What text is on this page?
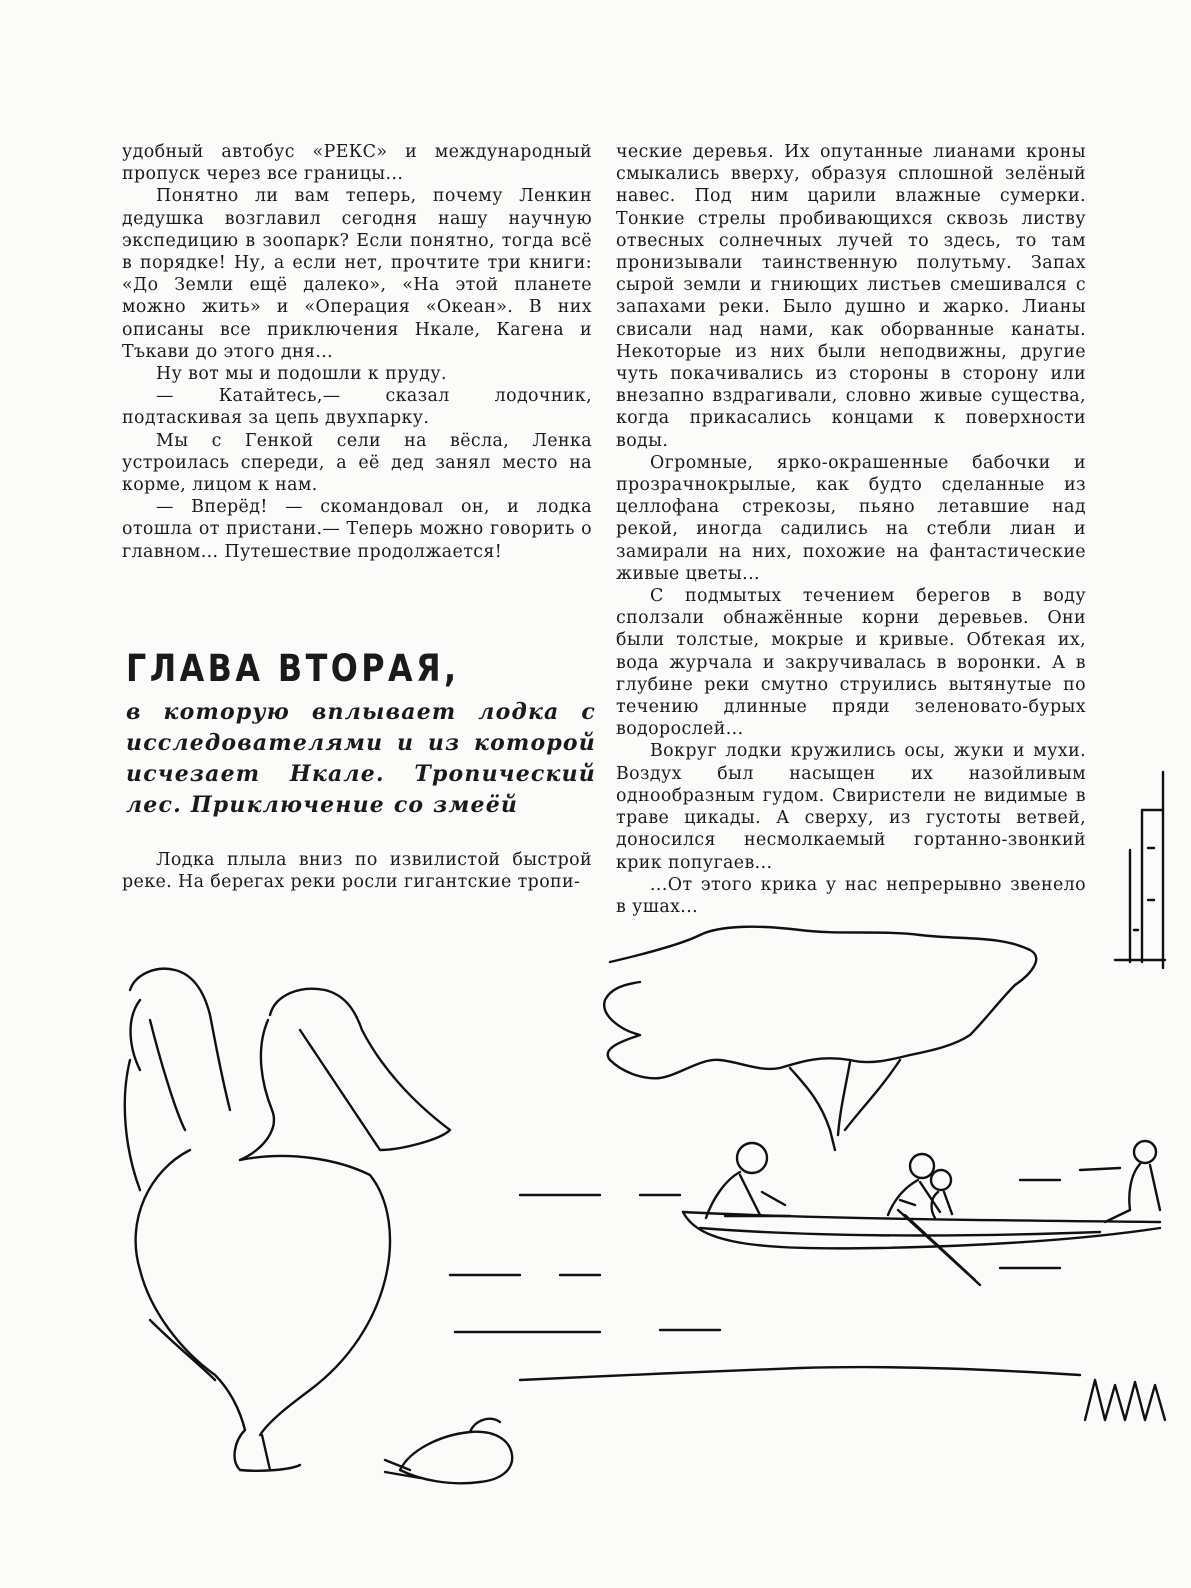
удобный автобус «РЕКС» и международный пропуск через все границы...

Понятно ли вам теперь, почему Ленкин дедушка возглавил сегодня нашу научную экспедицию в зоопарк? Если понятно, тогда всё в порядке! Ну, а если нет, прочтите три книги: «До Земли ещё далеко», «На этой планете можно жить» и «Операция «Океан». В них описаны все приключения Нкале, Кагена и Тъкави до этого дня...

Ну вот мы и подошли к пруду.

— Катайтесь,— сказал лодочник, подтаскивая за цепь двухпарку.

Мы с Генкой сели на вёсла, Ленка устроилась спереди, а её дед занял место на корме, лицом к нам.

— Вперёд! — скомандовал он, и лодка отошла от пристани.— Теперь можно говорить о главном... Путешествие продолжается!

ГЛАВА ВТОРАЯ,

в которую вплывает лодка с исследователями и из которой исчезает Нкале. Тропический лес. Приключение со змеёй

Лодка плыла вниз по извилистой быстрой реке. На берегах реки росли гигантские тропи-

ческие деревья. Их опутанные лианами кроны смыкались вверху, образуя сплошной зелёный навес. Под ним царили влажные сумерки. Тонкие стрелы пробивающихся сквозь листву отвесных солнечных лучей то здесь, то там пронизывали таинственную полутьму. Запах сырой земли и гниющих листьев смешивался с запахами реки. Было душно и жарко. Лианы свисали над нами, как оборванные канаты. Некоторые из них были неподвижны, другие чуть покачивались из стороны в сторону или внезапно вздрагивали, словно живые существа, когда прикасались концами к поверхности воды.

Огромные, ярко-окрашенные бабочки и прозрачнокрылые, как будто сделанные из целлофана стрекозы, пьяно летавшие над рекой, иногда садились на стебли лиан и замирали на них, похожие на фантастические живые цветы...

С подмытых течением берегов в воду сползали обнажённые корни деревьев. Они были толстые, мокрые и кривые. Обтекая их, вода журчала и закручивалась в воронки. А в глубине реки смутно струились вытянутые по течению длинные пряди зеленовато-бурых водорослей...

Вокруг лодки кружились осы, жуки и мухи. Воздух был насыщен их назойливым однообразным гудом. Свиристели не видимые в траве цикады. А сверху, из густоты ветвей, доносился несмолкаемый гортанно-звонкий крик попугаев...

...От этого крика у нас непрерывно звенело в ушах...
